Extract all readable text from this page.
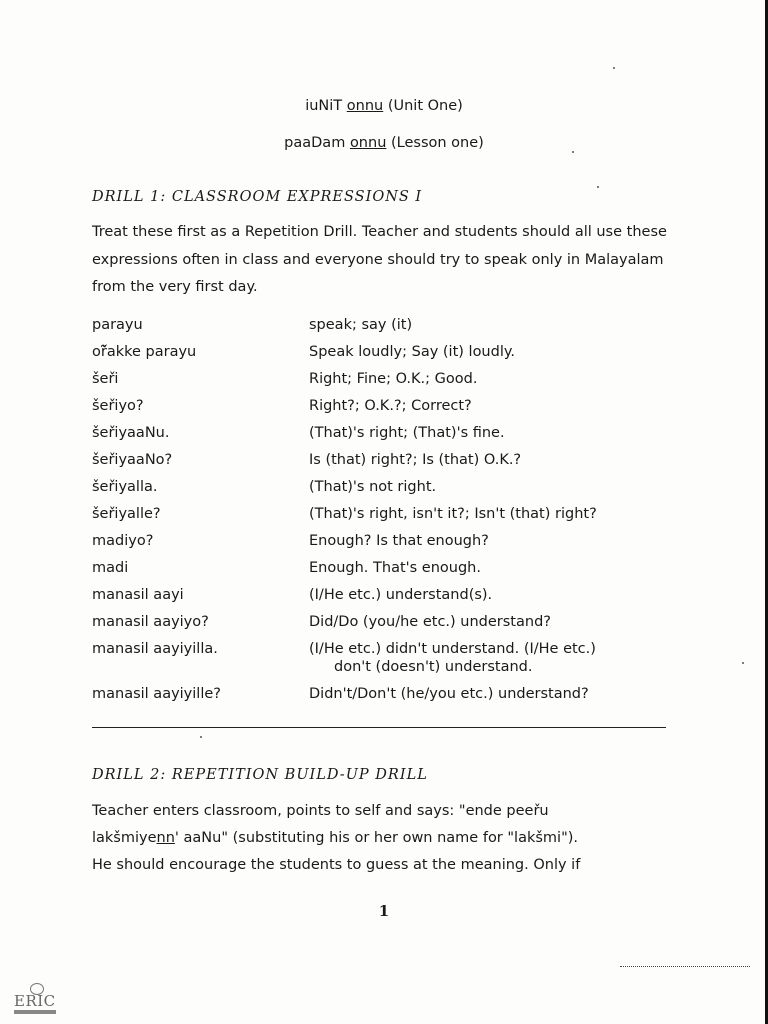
iuNiT onnu (Unit One)
paaDam onnu (Lesson one)
DRILL 1: CLASSROOM EXPRESSIONS I
Treat these first as a Repetition Drill. Teacher and students should all use these expressions often in class and everyone should try to speak only in Malayalam from the very first day.
parayu	speak; say (it)
oř̃akke parayu	Speak loudly; Say (it) loudly.
šeři	Right; Fine; O.K.; Good.
šeřiyo?	Right?; O.K.?; Correct?
šeřiyaaNu.	(That)'s right; (That)'s fine.
šeřiyaaNo?	Is (that) right?; Is (that) O.K.?
šeřiyalla.	(That)'s not right.
šeřiyalle?	(That)'s right, isn't it?; Isn't (that) right?
madiyo?	Enough? Is that enough?
madi	Enough. That's enough.
manasil aayi	(I/He etc.) understand(s).
manasil aayiyo?	Did/Do (you/he etc.) understand?
manasil aayiyilla.	(I/He etc.) didn't understand. (I/He etc.)
don't (doesn't) understand.
manasil aayiyille?	Didn't/Don't (he/you etc.) understand?
DRILL 2: REPETITION BUILD-UP DRILL
Teacher enters classroom, points to self and says: "ende peeřu
lakšmiyenn' aaNu" (substituting his or her own name for "lakšmi").
He should encourage the students to guess at the meaning. Only if
1
ERIC
